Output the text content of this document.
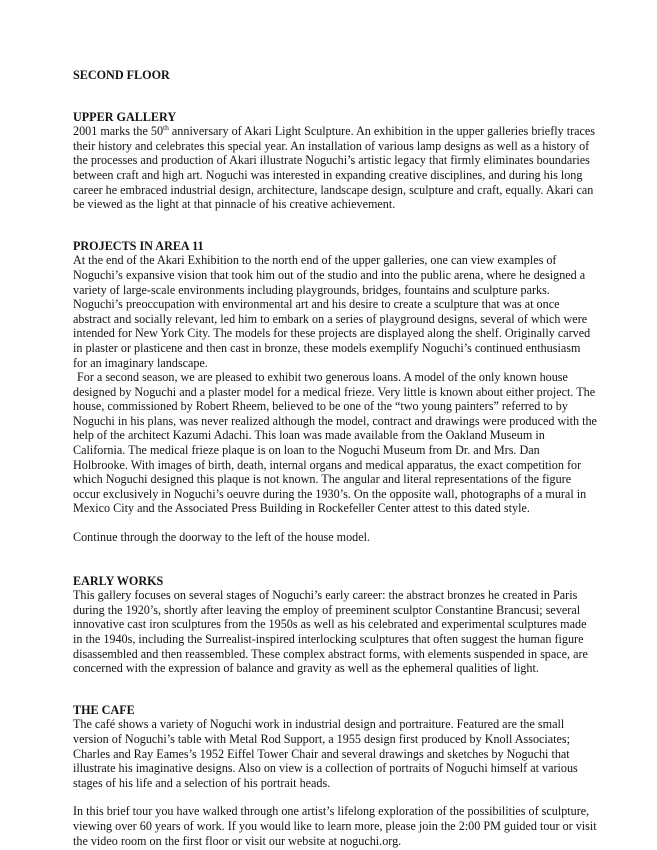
SECOND FLOOR

UPPER GALLERY

2001 marks the 50th anniversary of Akari Light Sculpture. An exhibition in the upper galleries briefly traces their history and celebrates this special year. An installation of various lamp designs as well as a history of the processes and production of Akari illustrate Noguchi’s artistic legacy that firmly eliminates boundaries between craft and high art. Noguchi was interested in expanding creative disciplines, and during his long career he embraced industrial design, architecture, landscape design, sculpture and craft, equally. Akari can be viewed as the light at that pinnacle of his creative achievement.

PROJECTS IN AREA 11

At the end of the Akari Exhibition to the north end of the upper galleries, one can view examples of Noguchi’s expansive vision that took him out of the studio and into the public arena, where he designed a variety of large-scale environments including playgrounds, bridges, fountains and sculpture parks. Noguchi’s preoccupation with environmental art and his desire to create a sculpture that was at once abstract and socially relevant, led him to embark on a series of playground designs, several of which were intended for New York City. The models for these projects are displayed along the shelf. Originally carved in plaster or plasticene and then cast in bronze, these models exemplify Noguchi’s continued enthusiasm for an imaginary landscape.

For a second season, we are pleased to exhibit two generous loans. A model of the only known house designed by Noguchi and a plaster model for a medical frieze. Very little is known about either project. The house, commissioned by Robert Rheem, believed to be one of the “two young painters” referred to by Noguchi in his plans, was never realized although the model, contract and drawings were produced with the help of the architect Kazumi Adachi. This loan was made available from the Oakland Museum in California. The medical frieze plaque is on loan to the Noguchi Museum from Dr. and Mrs. Dan Holbrooke. With images of birth, death, internal organs and medical apparatus, the exact competition for which Noguchi designed this plaque is not known. The angular and literal representations of the figure occur exclusively in Noguchi’s oeuvre during the 1930’s. On the opposite wall, photographs of a mural in Mexico City and the Associated Press Building in Rockefeller Center attest to this dated style.

Continue through the doorway to the left of the house model.

EARLY WORKS

This gallery focuses on several stages of Noguchi’s early career: the abstract bronzes he created in Paris during the 1920’s, shortly after leaving the employ of preeminent sculptor Constantine Brancusi; several innovative cast iron sculptures from the 1950s as well as his celebrated and experimental sculptures made in the 1940s, including the Surrealist-inspired interlocking sculptures that often suggest the human figure disassembled and then reassembled. These complex abstract forms, with elements suspended in space, are concerned with the expression of balance and gravity as well as the ephemeral qualities of light.

THE CAFE

The café shows a variety of Noguchi work in industrial design and portraiture. Featured are the small version of Noguchi’s table with Metal Rod Support, a 1955 design first produced by Knoll Associates; Charles and Ray Eames’s 1952 Eiffel Tower Chair and several drawings and sketches by Noguchi that illustrate his imaginative designs. Also on view is a collection of portraits of Noguchi himself at various stages of his life and a selection of his portrait heads.

In this brief tour you have walked through one artist’s lifelong exploration of the possibilities of sculpture, viewing over 60 years of work. If you would like to learn more, please join the 2:00 PM guided tour or visit the video room on the first floor or visit our website at noguchi.org.
